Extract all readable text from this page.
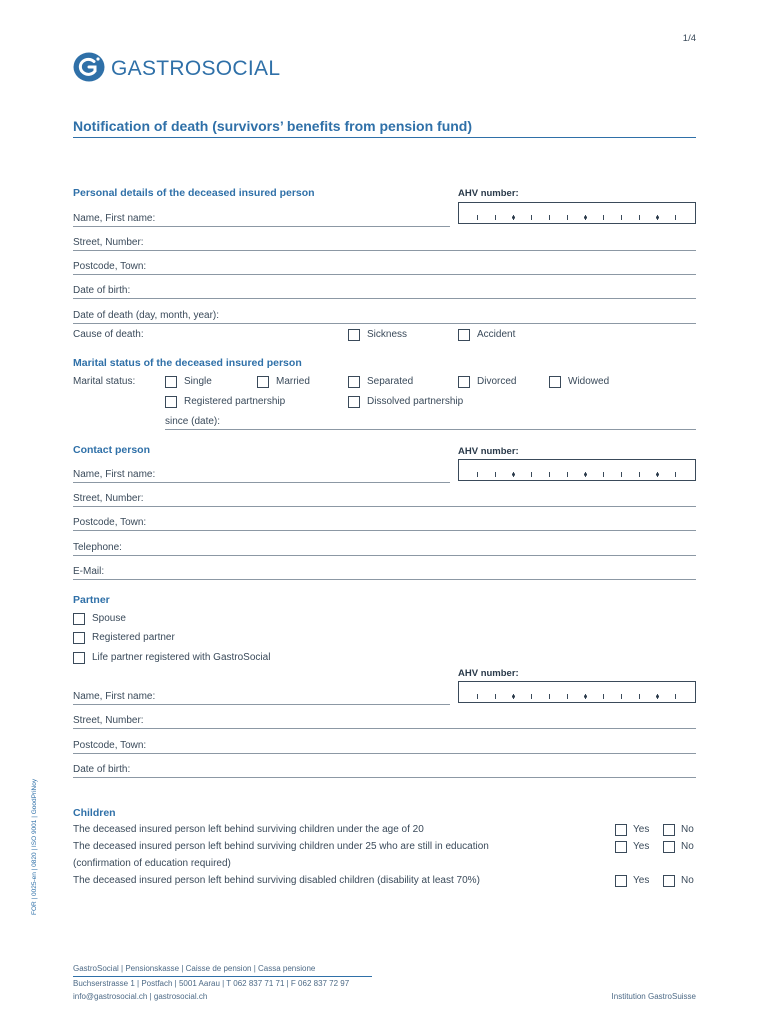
1/4
GASTROSOCIAL
Notification of death (survivors’ benefits from pension fund)
Personal details of the deceased insured person	AHV number:
Name, First name:
Street, Number:
Postcode, Town:
Date of birth:
Date of death (day, month, year):
Cause of death:	Sickness	Accident
Marital status of the deceased insured person
Marital status:	Single	Married	Separated	Divorced	Widowed
Registered partnership	Dissolved partnership
since (date):
Contact person	AHV number:
Name, First name:
Street, Number:
Postcode, Town:
Telephone:
E-Mail:
Partner
Spouse
Registered partner
Life partner registered with GastroSocial
AHV number:
Name, First name:
Street, Number:
Postcode, Town:
Date of birth:
Children
The deceased insured person left behind surviving children under the age of 20	Yes	No
The deceased insured person left behind surviving children under 25 who are still in education
(confirmation of education required)
Yes	No
The deceased insured person left behind surviving disabled children (disability at least 70%)	Yes	No
FOR | 0025-en | 0820 | ISO 9001 | GoodPriNoy
GastroSocial | Pensionskasse | Caisse de pension | Cassa pensione
Buchserstrasse 1 | Postfach | 5001 Aarau | T 062 837 71 71 | F 062 837 72 97
info@gastrosocial.ch | gastrosocial.ch	Institution GastroSuisse
